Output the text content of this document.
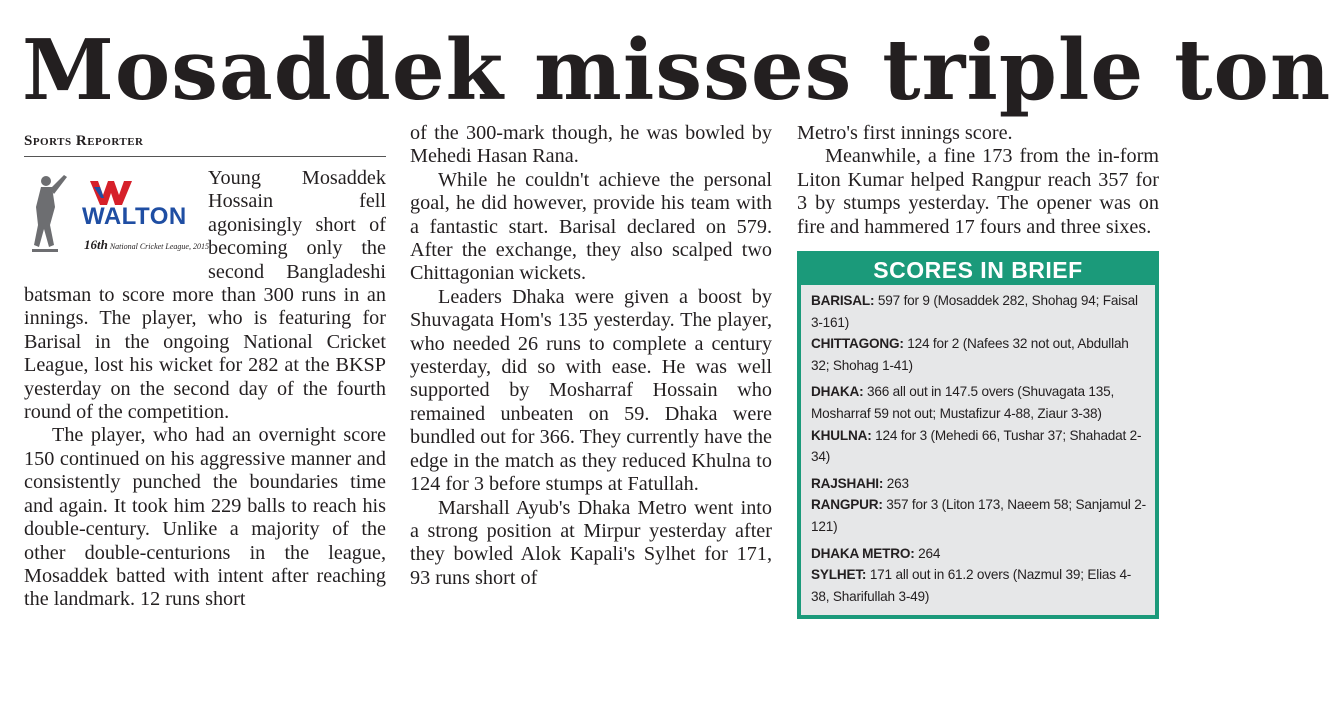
Mosaddek misses triple ton
Sports Reporter
WALTON
16th National Cricket League, 2015

Young Mosaddek Hossain fell agonisingly short of becoming only the second Bangladeshi batsman to score more than 300 runs in an innings. The player, who is featuring for Barisal in the ongoing National Cricket League, lost his wicket for 282 at the BKSP yesterday on the second day of the fourth round of the competition.

The player, who had an overnight score 150 continued on his aggressive manner and consistently punched the boundaries time and again. It took him 229 balls to reach his double-century. Unlike a majority of the other double-centurions in the league, Mosaddek batted with intent after reaching the landmark. 12 runs short

of the 300-mark though, he was bowled by Mehedi Hasan Rana.

While he couldn't achieve the personal goal, he did however, provide his team with a fantastic start. Barisal declared on 579. After the exchange, they also scalped two Chittagonian wickets.

Leaders Dhaka were given a boost by Shuvagata Hom's 135 yesterday. The player, who needed 26 runs to complete a century yesterday, did so with ease. He was well supported by Mosharraf Hossain who remained unbeaten on 59. Dhaka were bundled out for 366. They currently have the edge in the match as they reduced Khulna to 124 for 3 before stumps at Fatullah.

Marshall Ayub's Dhaka Metro went into a strong position at Mirpur yesterday after they bowled Alok Kapali's Sylhet for 171, 93 runs short of

Metro's first innings score.

Meanwhile, a fine 173 from the in-form Liton Kumar helped Rangpur reach 357 for 3 by stumps yesterday. The opener was on fire and hammered 17 fours and three sixes.

SCORES IN BRIEF
BARISAL: 597 for 9 (Mosaddek 282, Shohag 94; Faisal 3-161)
CHITTAGONG: 124 for 2 (Nafees 32 not out, Abdullah 32; Shohag 1-41)
DHAKA: 366 all out in 147.5 overs (Shuvagata 135, Mosharraf 59 not out; Mustafizur 4-88, Ziaur 3-38)
KHULNA: 124 for 3 (Mehedi 66, Tushar 37; Shahadat 2-34)
RAJSHAHI: 263
RANGPUR: 357 for 3 (Liton 173, Naeem 58; Sanjamul 2-121)
DHAKA METRO: 264
SYLHET: 171 all out in 61.2 overs (Nazmul 39; Elias 4-38, Sharifullah 3-49)
